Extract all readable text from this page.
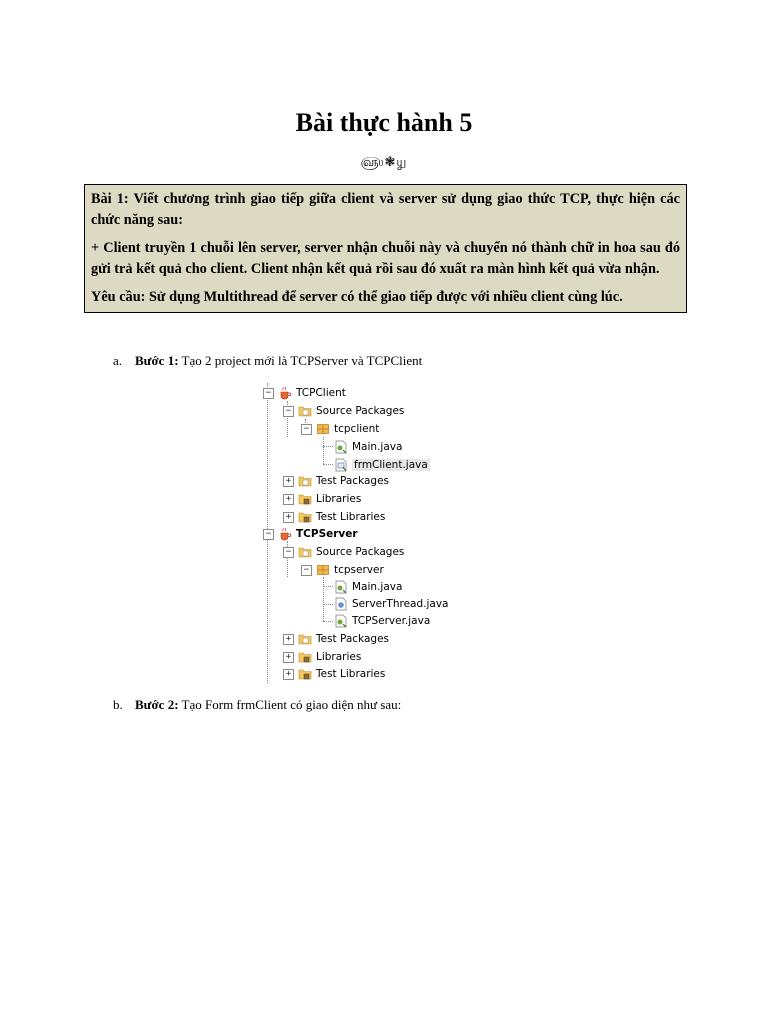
Bài thực hành 5
௵❃௶

Bài 1: Viết chương trình giao tiếp giữa client và server sử dụng giao thức TCP, thực hiện các chức năng sau:

+ Client truyền 1 chuỗi lên server, server nhận chuỗi này và chuyển nó thành chữ in hoa sau đó gửi trả kết quả cho client. Client nhận kết quả rồi sau đó xuất ra màn hình kết quả vừa nhận.

Yêu cầu: Sử dụng Multithread để server có thể giao tiếp được với nhiều client cùng lúc.

a. Bước 1: Tạo 2 project mới là TCPServer và TCPClient
− TCPClient
− Source Packages
− tcpclient
Main.java
frmClient.java
+ Test Packages
+ Libraries
+ Test Libraries
− TCPServer
− Source Packages
− tcpserver
Main.java
ServerThread.java
TCPServer.java
+ Test Packages
+ Libraries
+ Test Libraries
b. Bước 2: Tạo Form frmClient có giao diện như sau:
